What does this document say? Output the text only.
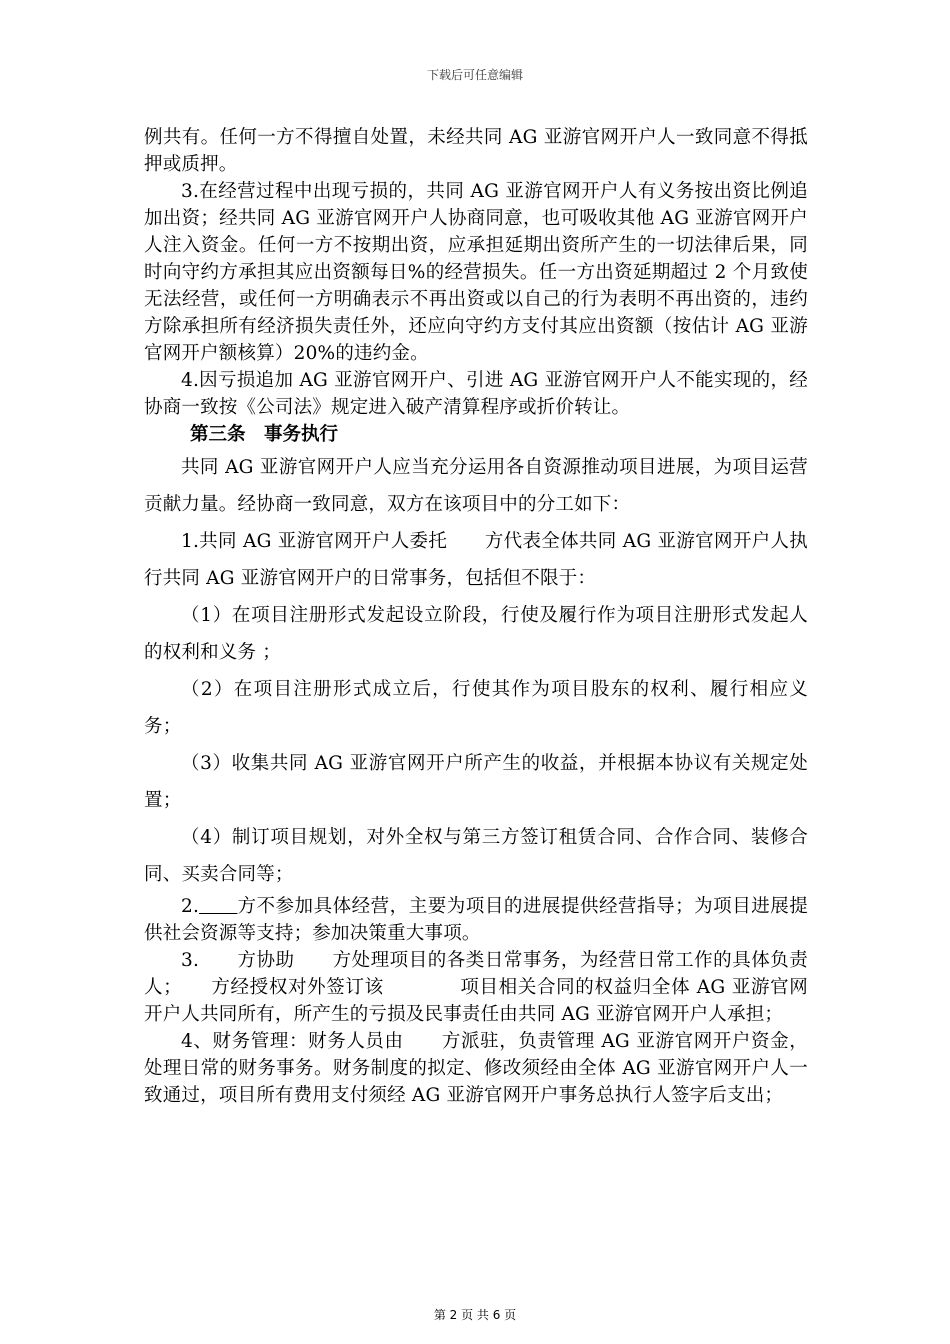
下载后可任意编辑

例共有。任何一方不得擅自处置，未经共同 AG 亚游官网开户人一致同意不得抵押或质押。

3.在经营过程中出现亏损的，共同 AG 亚游官网开户人有义务按出资比例追加出资；经共同 AG 亚游官网开户人协商同意，也可吸收其他 AG 亚游官网开户人注入资金。任何一方不按期出资，应承担延期出资所产生的一切法律后果，同时向守约方承担其应出资额每日%的经营损失。任一方出资延期超过 2 个月致使无法经营，或任何一方明确表示不再出资或以自己的行为表明不再出资的，违约方除承担所有经济损失责任外，还应向守约方支付其应出资额（按估计 AG 亚游官网开户额核算）20%的违约金。

4.因亏损追加 AG 亚游官网开户、引进 AG 亚游官网开户人不能实现的，经协商一致按《公司法》规定进入破产清算程序或折价转让。

第三条　事务执行

共同 AG 亚游官网开户人应当充分运用各自资源推动项目进展，为项目运营贡献力量。经协商一致同意，双方在该项目中的分工如下：

1.共同 AG 亚游官网开户人委托　　方代表全体共同 AG 亚游官网开户人执行共同 AG 亚游官网开户的日常事务，包括但不限于：

（1）在项目注册形式发起设立阶段，行使及履行作为项目注册形式发起人的权利和义务 ；

（2）在项目注册形式成立后，行使其作为项目股东的权利、履行相应义务；

（3）收集共同 AG 亚游官网开户所产生的收益，并根据本协议有关规定处置；

（4）制订项目规划，对外全权与第三方签订租赁合同、合作合同、装修合同、买卖合同等；

2.　　 方不参加具体经营，主要为项目的进展提供经营指导；为项目进展提供社会资源等支持；参加决策重大事项。

3.　　方协助　　方处理项目的各类日常事务，为经营日常工作的具体负责人；　　方经授权对外签订该　　　　项目相关合同的权益归全体 AG 亚游官网开户人共同所有，所产生的亏损及民事责任由共同 AG 亚游官网开户人承担；

4、财务管理：财务人员由　　方派驻，负责管理 AG 亚游官网开户资金，处理日常的财务事务。财务制度的拟定、修改须经由全体 AG 亚游官网开户人一致通过，项目所有费用支付须经 AG 亚游官网开户事务总执行人签字后支出；

第 2 页 共 6 页
